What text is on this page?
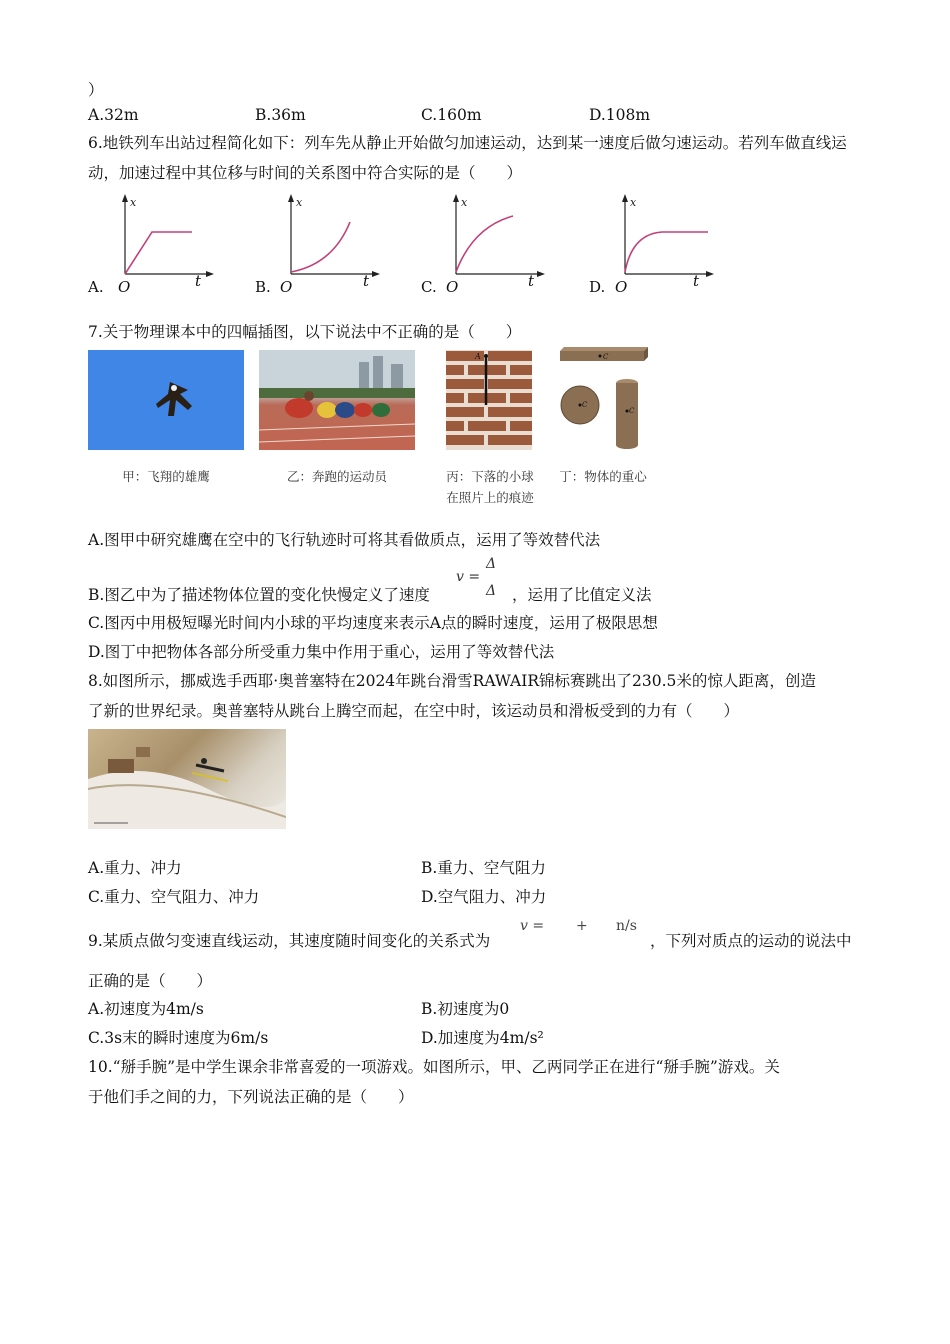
）
A.32m	B.36m	C.160m	D.108m
6.地铁列车出站过程简化如下：列车先从静止开始做匀加速运动，达到某一速度后做匀速运动。若列车做直线运动，加速过程中其位移与时间的关系图中符合实际的是（　　）
x
A. O	t
x
B. O	t
x
C. O	t
x
D. O	t
7.关于物理课本中的四幅插图，以下说法中不正确的是（　　）
A	C
C
C
甲：飞翔的雄鹰	乙：奔跑的运动员	丙：下落的小球
在照片上的痕迹
丁：物体的重心
A.图甲中研究雄鹰在空中的飞行轨迹时可将其看做质点，运用了等效替代法
Δ
v =
Δ
B.图乙中为了描述物体位置的变化快慢定义了速度	，运用了比值定义法
C.图丙中用极短曝光时间内小球的平均速度来表示A点的瞬时速度，运用了极限思想
D.图丁中把物体各部分所受重力集中作用于重心，运用了等效替代法
8.如图所示，挪威选手西耶·奥普塞特在2024年跳台滑雪RAWAIR锦标赛跳出了230.5米的惊人距离，创造
了新的世界纪录。奥普塞特从跳台上腾空而起，在空中时，该运动员和滑板受到的力有（　　）
A.重力、冲力	B.重力、空气阻力
C.重力、空气阻力、冲力	D.空气阻力、冲力
9.某质点做匀变速直线运动，其速度随时间变化的关系式为
v = + n/s
，下列对质点的运动的说法中
正确的是（　　）
A.初速度为4m/s	B.初速度为0
C.3s末的瞬时速度为6m/s	D.加速度为4m/s²
10.“掰手腕”是中学生课余非常喜爱的一项游戏。如图所示，甲、乙两同学正在进行“掰手腕”游戏。关
于他们手之间的力，下列说法正确的是（　　）
